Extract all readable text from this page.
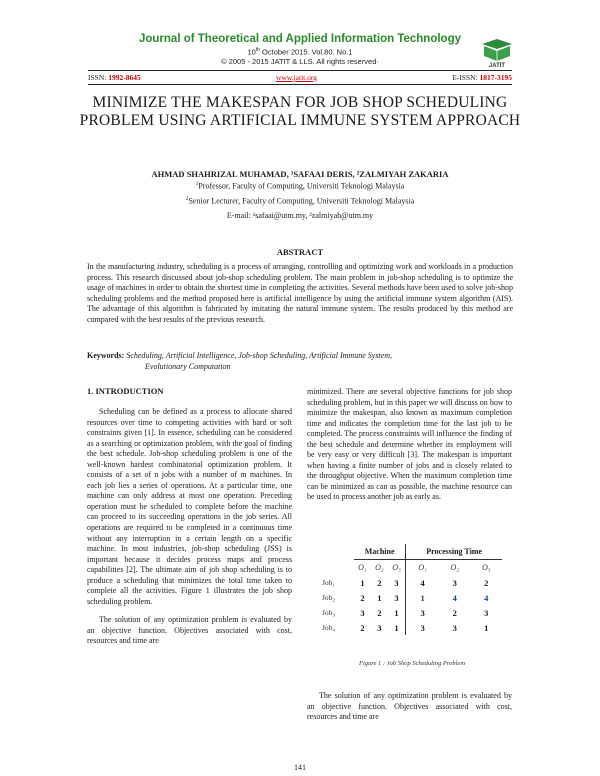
Journal of Theoretical and Applied Information Technology
10th October 2015. Vol.80. No.1
© 2005 - 2015 JATIT & LLS. All rights reserved·	JATIT
ISSN: 1992-8645	www.jatit.org	E-ISSN: 1817-3195
MINIMIZE THE MAKESPAN FOR JOB SHOP SCHEDULING PROBLEM USING ARTIFICIAL IMMUNE SYSTEM APPROACH
AHMAD SHAHRIZAL MUHAMAD, ¹SAFAAI DERIS, ²ZALMIYAH ZAKARIA
$^1$Professor, Faculty of Computing, Universiti Teknologi Malaysia
$^2$Senior Lecturer, Faculty of Computing, Universiti Teknologi Malaysia
E-mail: ¹safaai@utm.my, ²zalmiyah@utm.my
ABSTRACT
In the manufacturing industry, scheduling is a process of arranging, controlling and optimizing work and workloads in a production process. This research discussed about job-shop scheduling problem. The main problem in job-shop scheduling is to optimize the usage of machines in order to obtain the shortest time in completing the activities. Several methods have been used to solve job-shop scheduling problems and the method proposed here is artificial intelligence by using the artificial immune system algorithm (AIS). The advantage of this algorithm is fabricated by imitating the natural immune system. The results produced by this method are compared with the best results of the previous research.
Keywords: Scheduling, Artificial Intelligence, Job-shop Scheduling, Artificial Immune System,
Evolutionary Computation
1. INTRODUCTION

Scheduling can be defined as a process to allocate shared resources over time to competing activities with hard or soft constraints given [1]. In essence, scheduling can be considered as a searching or optimization problem, with the goal of finding the best schedule. Job-shop scheduling problem is one of the well-known hardest combinatorial optimization problem. It consists of a set of n jobs with a number of m machines. In each job lies a series of operations. At a particular time, one machine can only address at most one operation. Preceding operation must be scheduled to complete before the machine can proceed to its succeeding operations in the job series. All operations are required to be completed in a continuous time without any interruption in a certain length on a specific machine. In most industries, job-shop scheduling (JSS) is important because it decides process maps and process capabilities [2]. The ultimate aim of job shop scheduling is to produce a scheduling that minimizes the total time taken to complete all the activities. Figure 1 illustrates the job shop scheduling problem.

The solution of any optimization problem is evaluated by an objective function. Objectives associated with cost, resources and time are

minimized. There are several objective functions for job shop scheduling problem, but in this paper we will discuss on how to minimize the makespan, also known as maximum completion time and indicates the completion time for the last job to be completed. The process constraints will influence the finding of the best schedule and determine whether its employment will be very easy or very difficult [3]. The makespan is important when having a finite number of jobs and is closely related to the throughput objective. When the maximum completion time can be minimized as can as possible, the machine resource can be used to process another job as early as.

	Machine			Processing Time		
	O₁	O₂	O₃	O₁	O₂	O₃
Job₁	1	2	3	4	3	2
Job₂	2	1	3	1	4	4
Job₃	3	2	1	3	2	3
Job₄	2	3	1	3	3	1
Figure 1 : Job Shop Scheduling Problem

The solution of any optimization problem is evaluated by an objective function. Objectives associated with cost, resources and time are

141
